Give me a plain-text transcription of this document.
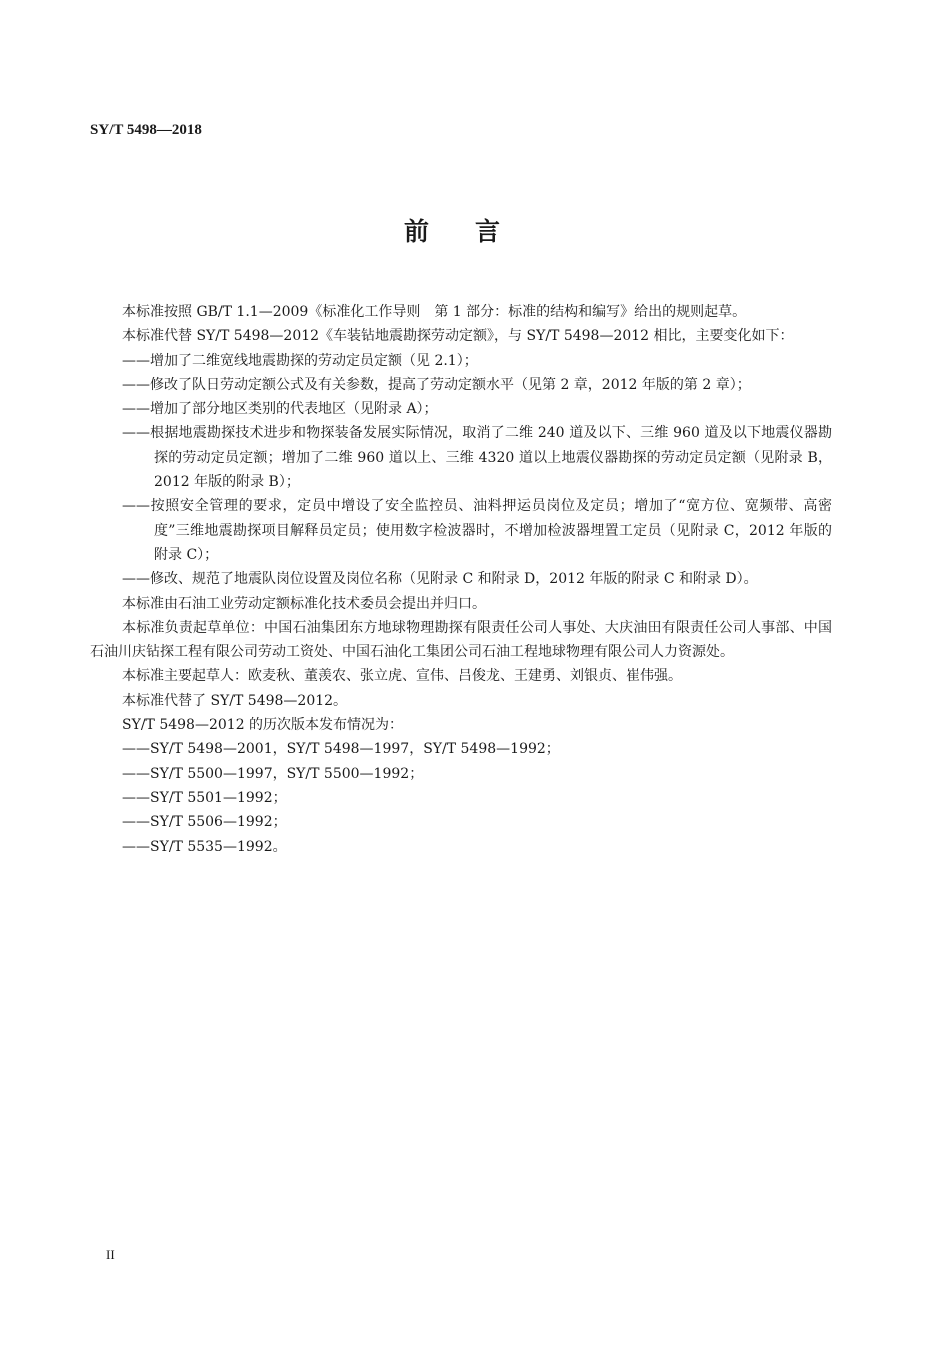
SY/T 5498—2018

前言

本标准按照 GB/T 1.1—2009《标准化工作导则　第 1 部分：标准的结构和编写》给出的规则起草。

本标准代替 SY/T 5498—2012《车装钻地震勘探劳动定额》，与 SY/T 5498—2012 相比，主要变化如下：

——增加了二维宽线地震勘探的劳动定员定额（见 2.1）；

——修改了队日劳动定额公式及有关参数，提高了劳动定额水平（见第 2 章，2012 年版的第 2 章）；

——增加了部分地区类别的代表地区（见附录 A）；

——根据地震勘探技术进步和物探装备发展实际情况，取消了二维 240 道及以下、三维 960 道及以下地震仪器勘探的劳动定员定额；增加了二维 960 道以上、三维 4320 道以上地震仪器勘探的劳动定员定额（见附录 B，2012 年版的附录 B）；

——按照安全管理的要求，定员中增设了安全监控员、油料押运员岗位及定员；增加了“宽方位、宽频带、高密度”三维地震勘探项目解释员定员；使用数字检波器时，不增加检波器埋置工定员（见附录 C，2012 年版的附录 C）；

——修改、规范了地震队岗位设置及岗位名称（见附录 C 和附录 D，2012 年版的附录 C 和附录 D）。

本标准由石油工业劳动定额标准化技术委员会提出并归口。

本标准负责起草单位：中国石油集团东方地球物理勘探有限责任公司人事处、大庆油田有限责任公司人事部、中国石油川庆钻探工程有限公司劳动工资处、中国石油化工集团公司石油工程地球物理有限公司人力资源处。

本标准主要起草人：欧麦秋、董羡农、张立虎、宣伟、吕俊龙、王建勇、刘银贞、崔伟强。

本标准代替了 SY/T 5498—2012。

SY/T 5498—2012 的历次版本发布情况为：

——SY/T 5498—2001，SY/T 5498—1997，SY/T 5498—1992；

——SY/T 5500—1997，SY/T 5500—1992；

——SY/T 5501—1992；

——SY/T 5506—1992；

——SY/T 5535—1992。

II
